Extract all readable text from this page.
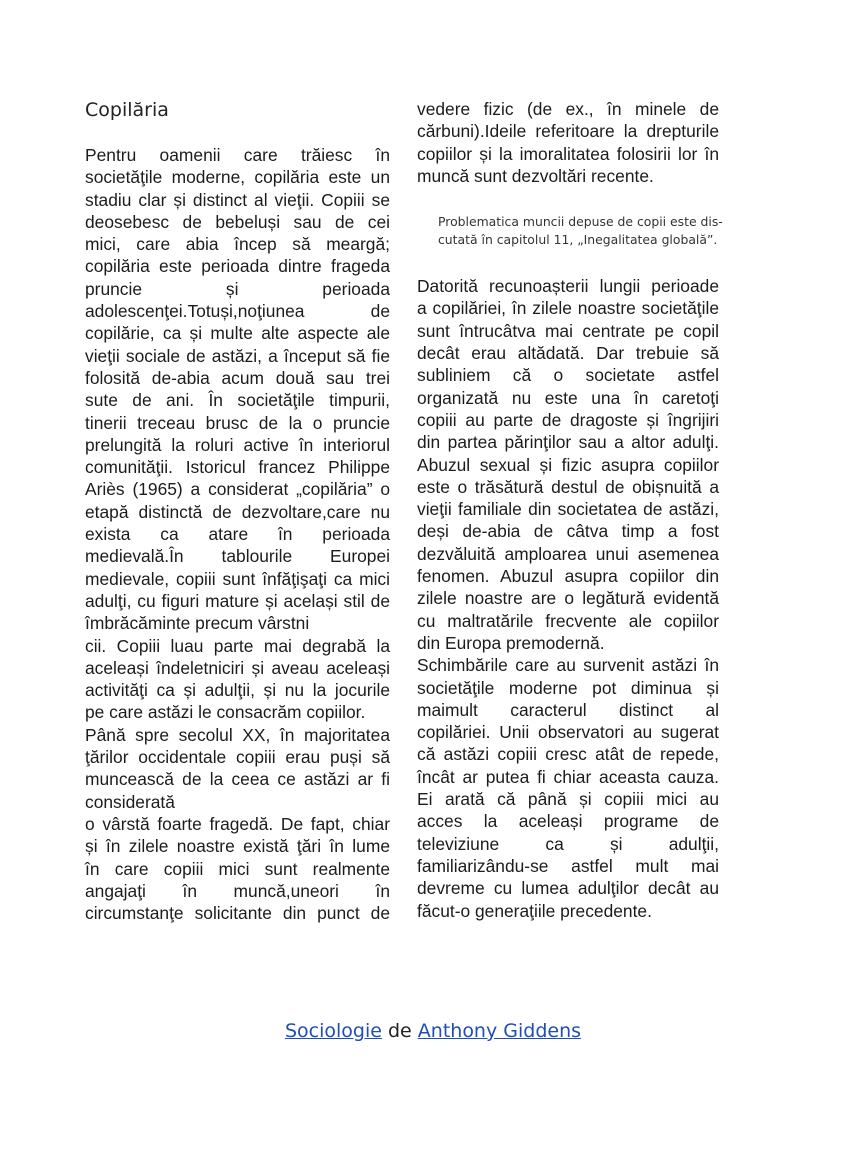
Copilăria
Pentru oamenii care trăiesc în
societăţile moderne, copilăria este un
stadiu clar și distinct al vieţii. Copiii se
deosebesc de bebeluși sau de cei
mici, care abia încep să meargă;
copilăria este perioada dintre frageda
pruncie și perioada
adolescenţei.Totuși,noţiunea de
copilărie, ca și multe alte aspecte ale
vieţii sociale de astăzi, a început să fie
folosită de-abia acum două sau trei
sute de ani. În societăţile timpurii,
tinerii treceau brusc de la o pruncie
prelungită la roluri active în interiorul
comunităţii. Istoricul francez Philippe
Ariès (1965) a considerat „copilăria” o
etapă distinctă de dezvoltare,care nu
exista ca atare în perioada
medievală.În tablourile Europei
medievale, copiii sunt înfăţişaţi ca mici
adulţi, cu figuri mature și același stil de
îmbrăcăminte precum vârstni
cii. Copiii luau parte mai degrabă la
aceleași îndeletniciri și aveau aceleași
activităţi ca și adulţii, și nu la jocurile
pe care astăzi le consacrăm copiilor.
Până spre secolul XX, în majoritatea
ţărilor occidentale copiii erau puși să
muncească de la ceea ce astăzi ar fi
considerată
o vârstă foarte fragedă. De fapt, chiar
și în zilele noastre există ţări în lume
în care copiii mici sunt realmente
angajaţi în muncă,uneori în
circumstanţe solicitante din punct de
vedere fizic (de ex., în minele de
cărbuni).Ideile referitoare la drepturile
copiilor și la imoralitatea folosirii lor în
muncă sunt dezvoltări recente.
Problematica muncii depuse de copii este dis-
cutată în capitolul 11, „Inegalitatea globală”.
Datorită recunoașterii lungii perioade
a copilăriei, în zilele noastre societăţile
sunt întrucâtva mai centrate pe copil
decât erau altădată. Dar trebuie să
subliniem că o societate astfel
organizată nu este una în caretoţi
copiii au parte de dragoste și îngrijiri
din partea părinţilor sau a altor adulţi.
Abuzul sexual și fizic asupra copiilor
este o trăsătură destul de obișnuită a
vieţii familiale din societatea de astăzi,
deși de-abia de câtva timp a fost
dezvăluită amploarea unui asemenea
fenomen. Abuzul asupra copiilor din
zilele noastre are o legătură evidentă
cu maltratările frecvente ale copiilor
din Europa premodernă.
Schimbările care au survenit astăzi în
societăţile moderne pot diminua și
maimult caracterul distinct al
copilăriei. Unii observatori au sugerat
că astăzi copiii cresc atât de repede,
încât ar putea fi chiar aceasta cauza.
Ei arată că până și copiii mici au
acces la aceleași programe de
televiziune ca și adulţii,
familiarizându-se astfel mult mai
devreme cu lumea adulţilor decât au
făcut-o generaţiile precedente.
Sociologie de Anthony Giddens
